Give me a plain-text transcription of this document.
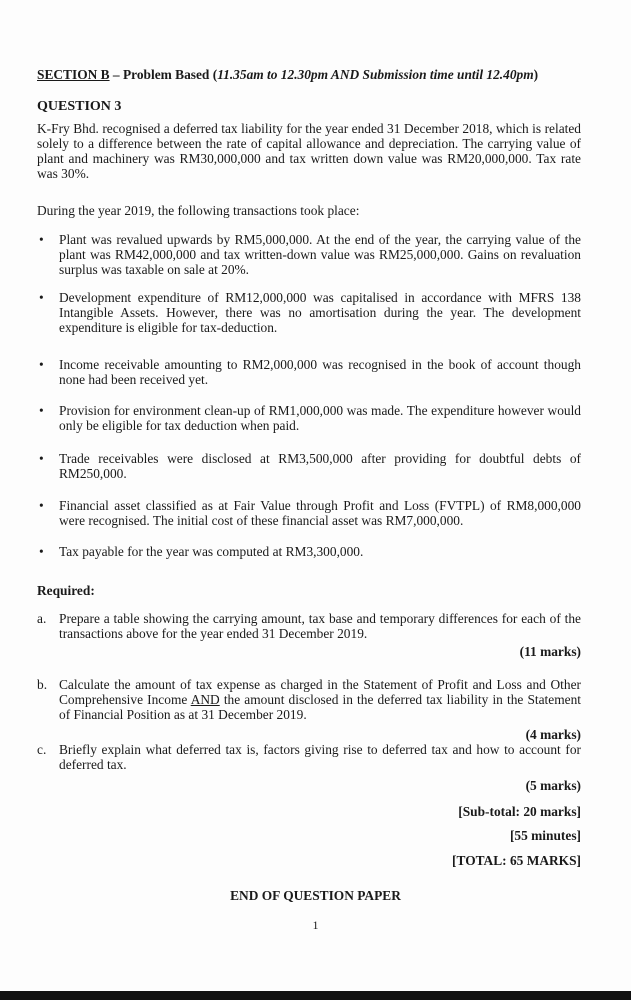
SECTION B – Problem Based (11.35am to 12.30pm AND Submission time until 12.40pm)
QUESTION 3
K-Fry Bhd. recognised a deferred tax liability for the year ended 31 December 2018, which is related solely to a difference between the rate of capital allowance and depreciation. The carrying value of plant and machinery was RM30,000,000 and tax written down value was RM20,000,000. Tax rate was 30%.
During the year 2019, the following transactions took place:
• Plant was revalued upwards by RM5,000,000. At the end of the year, the carrying value of the plant was RM42,000,000 and tax written-down value was RM25,000,000. Gains on revaluation surplus was taxable on sale at 20%.
• Development expenditure of RM12,000,000 was capitalised in accordance with MFRS 138 Intangible Assets. However, there was no amortisation during the year. The development expenditure is eligible for tax-deduction.
• Income receivable amounting to RM2,000,000 was recognised in the book of account though none had been received yet.
• Provision for environment clean-up of RM1,000,000 was made. The expenditure however would only be eligible for tax deduction when paid.
• Trade receivables were disclosed at RM3,500,000 after providing for doubtful debts of RM250,000.
• Financial asset classified as at Fair Value through Profit and Loss (FVTPL) of RM8,000,000 were recognised. The initial cost of these financial asset was RM7,000,000.
• Tax payable for the year was computed at RM3,300,000.
Required:
a. Prepare a table showing the carrying amount, tax base and temporary differences for each of the transactions above for the year ended 31 December 2019.
(11 marks)
b. Calculate the amount of tax expense as charged in the Statement of Profit and Loss and Other Comprehensive Income AND the amount disclosed in the deferred tax liability in the Statement of Financial Position as at 31 December 2019.
(4 marks)
c. Briefly explain what deferred tax is, factors giving rise to deferred tax and how to account for deferred tax.
(5 marks)
[Sub-total: 20 marks]
[55 minutes]
[TOTAL: 65 MARKS]
END OF QUESTION PAPER
1
